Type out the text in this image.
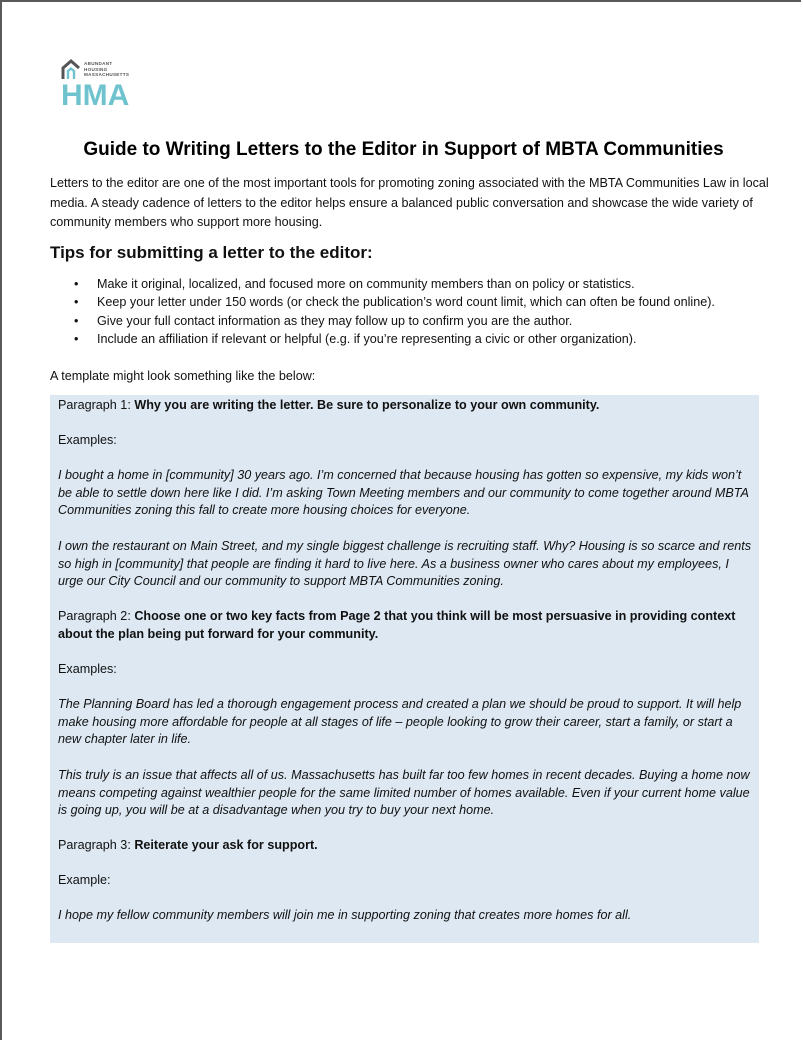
ABUNDANT
HOUSING
MASSACHUSETTS
HMA
Guide to Writing Letters to the Editor in Support of MBTA Communities

Letters to the editor are one of the most important tools for promoting zoning associated with the MBTA Communities Law in local media. A steady cadence of letters to the editor helps ensure a balanced public conversation and showcase the wide variety of community members who support more housing.

Tips for submitting a letter to the editor:
• Make it original, localized, and focused more on community members than on policy or statistics.
• Keep your letter under 150 words (or check the publication’s word count limit, which can often be found online).
• Give your full contact information as they may follow up to confirm you are the author.
• Include an affiliation if relevant or helpful (e.g. if you’re representing a civic or other organization).

A template might look something like the below:

Paragraph 1: Why you are writing the letter. Be sure to personalize to your own community.

Examples:

I bought a home in [community] 30 years ago. I’m concerned that because housing has gotten so expensive, my kids won’t be able to settle down here like I did. I’m asking Town Meeting members and our community to come together around MBTA Communities zoning this fall to create more housing choices for everyone.

I own the restaurant on Main Street, and my single biggest challenge is recruiting staff. Why? Housing is so scarce and rents so high in [community] that people are finding it hard to live here. As a business owner who cares about my employees, I urge our City Council and our community to support MBTA Communities zoning.

Paragraph 2: Choose one or two key facts from Page 2 that you think will be most persuasive in providing context about the plan being put forward for your community.

Examples:

The Planning Board has led a thorough engagement process and created a plan we should be proud to support. It will help make housing more affordable for people at all stages of life – people looking to grow their career, start a family, or start a new chapter later in life.

This truly is an issue that affects all of us. Massachusetts has built far too few homes in recent decades. Buying a home now means competing against wealthier people for the same limited number of homes available. Even if your current home value is going up, you will be at a disadvantage when you try to buy your next home.

Paragraph 3: Reiterate your ask for support.

Example:

I hope my fellow community members will join me in supporting zoning that creates more homes for all.
